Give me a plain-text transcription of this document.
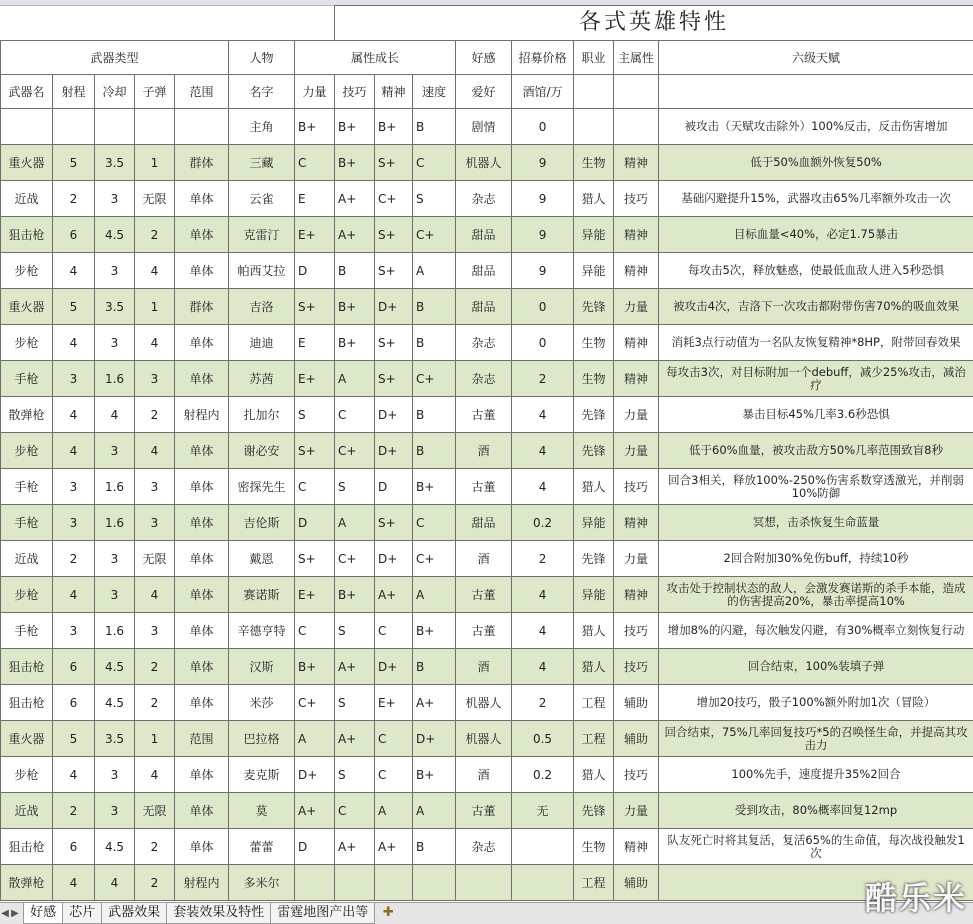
							各式英雄特性							
武器类型					人物	属性成长				好感	招募价格	职业	主属性	六级天赋
武器名	射程	冷却	子弹	范围	名字	力量	技巧	精神	速度	爱好	酒馆/万			
					主角	B+	B+	B+	B	剧情	0			被攻击（天赋攻击除外）100%反击，反击伤害增加
重火器	5	3.5	1	群体	三藏	C	B+	S+	C	机器人	9	生物	精神	低于50%血额外恢复50%
近战	2	3	无限	单体	云雀	E	A+	C+	S	杂志	9	猎人	技巧	基础闪避提升15%，武器攻击65%几率额外攻击一次
狙击枪	6	4.5	2	单体	克雷汀	E+	A+	S+	C+	甜品	9	异能	精神	目标血量<40%，必定1.75暴击
步枪	4	3	4	单体	帕西艾拉	D	B	S+	A	甜品	9	异能	精神	每攻击5次，释放魅惑，使最低血敌人进入5秒恐惧
重火器	5	3.5	1	群体	吉洛	S+	B+	D+	B	甜品	0	先锋	力量	被攻击4次，吉洛下一次攻击都附带伤害70%的吸血效果
步枪	4	3	4	单体	迪迪	E	B+	S+	B	杂志	0	生物	精神	消耗3点行动值为一名队友恢复精神*8HP，附带回春效果
手枪	3	1.6	3	单体	苏茜	E+	A	S+	C+	杂志	2	生物	精神	每攻击3次，对目标附加一个debuff，减少25%攻击，减治疗
散弹枪	4	4	2	射程内	扎加尔	S	C	D+	B	古董	4	先锋	力量	暴击目标45%几率3.6秒恐惧
步枪	4	3	4	单体	谢必安	S+	C+	D+	B	酒	4	先锋	力量	低于60%血量，被攻击敌方50%几率范围致盲8秒
手枪	3	1.6	3	单体	密探先生	C	S	D	B+	古董	4	猎人	技巧	回合3相关，释放100%-250%伤害系数穿透激光，并削弱10%防御
手枪	3	1.6	3	单体	吉伦斯	D	A	S+	C	甜品	0.2	异能	精神	冥想，击杀恢复生命蓝量
近战	2	3	无限	单体	戴恩	S+	C+	D+	C+	酒	2	先锋	力量	2回合附加30%免伤buff，持续10秒
步枪	4	3	4	单体	赛诺斯	E+	B+	A+	A	古董	4	异能	精神	攻击处于控制状态的敌人，会激发赛诺斯的杀手本能，造成的伤害提高20%，暴击率提高10%
手枪	3	1.6	3	单体	辛德亨特	C	S	C	B+	古董	4	猎人	技巧	增加8%的闪避，每次触发闪避，有30%概率立刻恢复行动
狙击枪	6	4.5	2	单体	汉斯	B+	A+	D+	B	酒	4	猎人	技巧	回合结束，100%装填子弹
狙击枪	6	4.5	2	单体	米莎	C+	S	E+	A+	机器人	2	工程	辅助	增加20技巧，骰子100%额外附加1次（冒险）
重火器	5	3.5	1	范围	巴拉格	A	A+	C	D+	机器人	0.5	工程	辅助	回合结束，75%几率回复技巧*5的召唤怪生命，并提高其攻击力
步枪	4	3	4	单体	麦克斯	D+	S	C	B+	酒	0.2	猎人	技巧	100%先手，速度提升35%2回合
近战	2	3	无限	单体	莫	A+	C	A	A	古董	无	先锋	力量	受到攻击，80%概率回复12mp
狙击枪	6	4.5	2	单体	蕾蕾	D	A+	A+	B	杂志		生物	精神	队友死亡时将其复活，复活65%的生命值，每次战役触发1次
散弹枪	4	4	2	射程内	多米尔							工程	辅助	
◀ ▶ 好感 芯片 武器效果 套装效果及特性 雷霆地图产出等 ✚	酷乐米
